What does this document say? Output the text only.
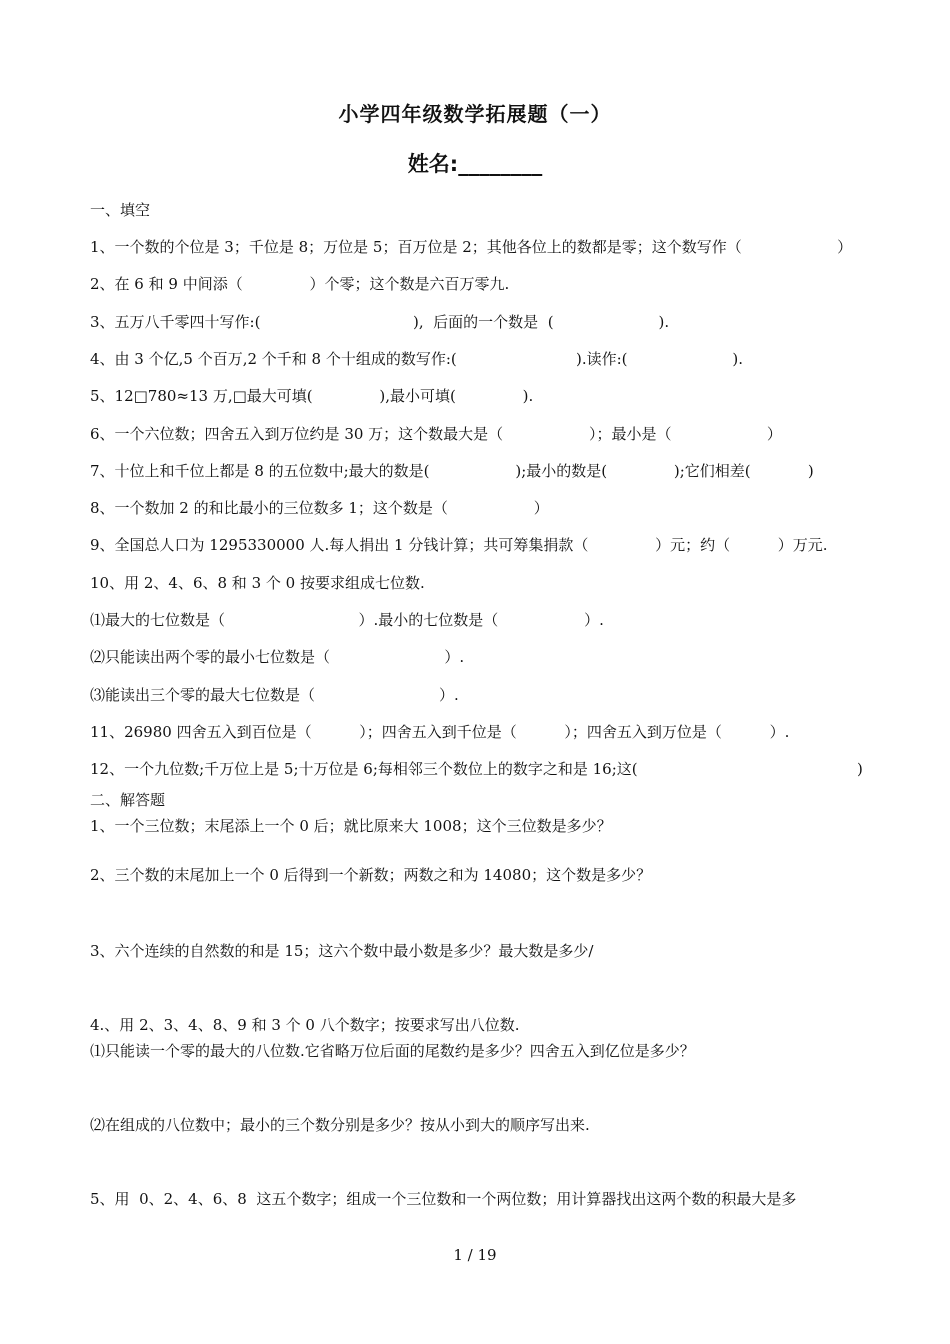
小学四年级数学拓展题（一）
姓名:________
一、填空
1、一个数的个位是 3；千位是 8；万位是 5；百万位是 2；其他各位上的数都是零；这个数写作（                    ）
2、在 6 和 9 中间添（              ）个零；这个数是六百万零九.
3、五万八千零四十写作:(                                ),  后面的一个数是  (                      ).
4、由 3 个亿,5 个百万,2 个千和 8 个十组成的数写作:(                         ).读作:(                      ).
5、12□780≈13 万,□最大可填(              ),最小可填(              ).
6、一个六位数；四舍五入到万位约是 30 万；这个数最大是（                  ）；最小是（                    ）
7、十位上和千位上都是 8 的五位数中;最大的数是(                  );最小的数是(              );它们相差(            )
8、一个数加 2 的和比最小的三位数多 1；这个数是（                  ）
9、全国总人口为 1295330000 人.每人捐出 1 分钱计算；共可筹集捐款（              ）元；约（          ）万元.
10、用 2、4、6、8 和 3 个 0 按要求组成七位数.
⑴最大的七位数是（                            ）.最小的七位数是（                  ）.
⑵只能读出两个零的最小七位数是（                        ）.
⑶能读出三个零的最大七位数是（                          ）.
11、26980 四舍五入到百位是（          ）；四舍五入到千位是（          ）；四舍五入到万位是（          ）.
12、一个九位数;千万位上是 5;十万位是 6;每相邻三个数位上的数字之和是 16;这(                                              )
二、解答题
1、一个三位数；末尾添上一个 0 后；就比原来大 1008；这个三位数是多少？
2、三个数的末尾加上一个 0 后得到一个新数；两数之和为 14080；这个数是多少？
3、六个连续的自然数的和是 15；这六个数中最小数是多少？最大数是多少/
4.、用 2、3、4、8、9 和 3 个 0 八个数字；按要求写出八位数.
⑴只能读一个零的最大的八位数.它省略万位后面的尾数约是多少？四舍五入到亿位是多少？
⑵在组成的八位数中；最小的三个数分别是多少？按从小到大的顺序写出来.
5、用  0、2、4、6、8  这五个数字；组成一个三位数和一个两位数；用计算器找出这两个数的积最大是多
1 / 19
